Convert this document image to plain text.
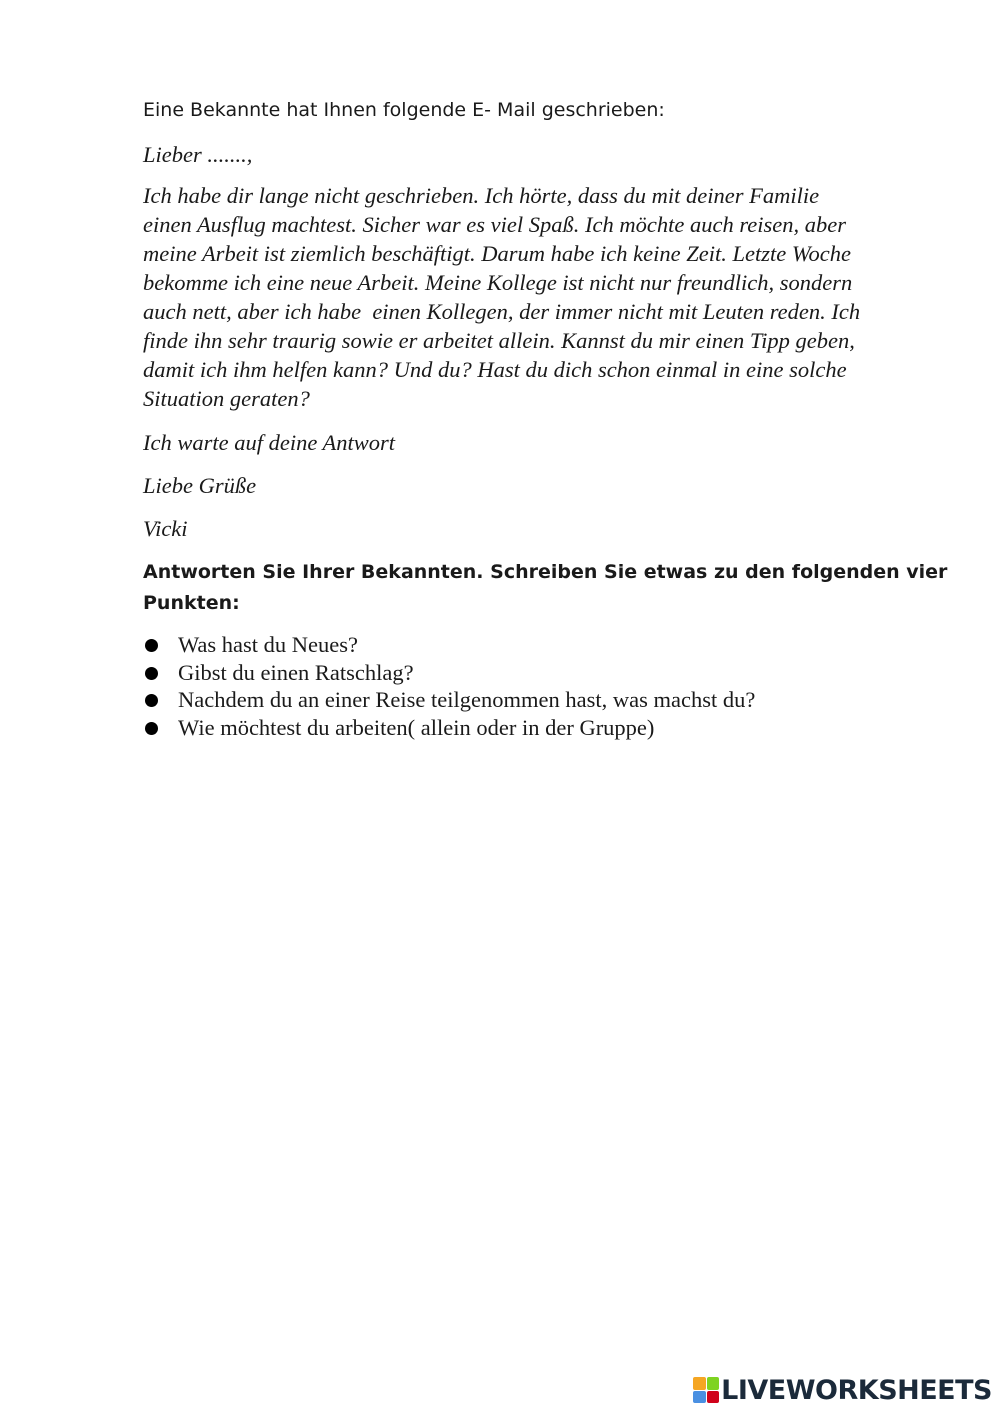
Eine Bekannte hat Ihnen folgende E- Mail geschrieben:
Lieber .......,
Ich habe dir lange nicht geschrieben. Ich hörte, dass du mit deiner Familie
einen Ausflug machtest. Sicher war es viel Spaß. Ich möchte auch reisen, aber
meine Arbeit ist ziemlich beschäftigt. Darum habe ich keine Zeit. Letzte Woche
bekomme ich eine neue Arbeit. Meine Kollege ist nicht nur freundlich, sondern
auch nett, aber ich habe  einen Kollegen, der immer nicht mit Leuten reden. Ich
finde ihn sehr traurig sowie er arbeitet allein. Kannst du mir einen Tipp geben,
damit ich ihm helfen kann? Und du? Hast du dich schon einmal in eine solche
Situation geraten?
Ich warte auf deine Antwort
Liebe Grüße
Vicki
Antworten Sie Ihrer Bekannten. Schreiben Sie etwas zu den folgenden vier
Punkten:
Was hast du Neues?
Gibst du einen Ratschlag?
Nachdem du an einer Reise teilgenommen hast, was machst du?
Wie möchtest du arbeiten( allein oder in der Gruppe)
LIVEWORKSHEETS
